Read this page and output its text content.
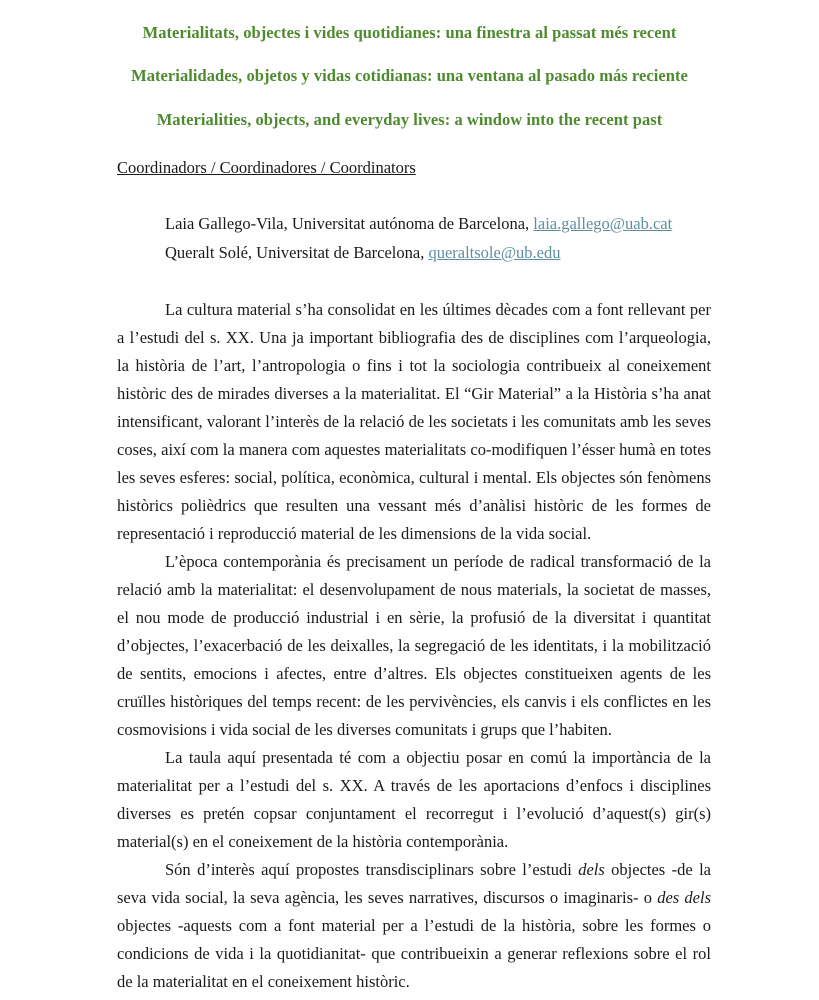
Materialitats, objectes i vides quotidianes: una finestra al passat més recent
Materialidades, objetos y vidas cotidianas: una ventana al pasado más reciente
Materialities, objects, and everyday lives: a window into the recent past
Coordinadors / Coordinadores / Coordinators
Laia Gallego-Vila, Universitat autónoma de Barcelona, laia.gallego@uab.cat
Queralt Solé, Universitat de Barcelona, queraltsole@ub.edu

La cultura material s’ha consolidat en les últimes dècades com a font rellevant per a l’estudi del s. XX. Una ja important bibliografia des de disciplines com l’arqueologia, la història de l’art, l’antropologia o fins i tot la sociologia contribueix al coneixement històric des de mirades diverses a la materialitat. El “Gir Material” a la Història s’ha anat intensificant, valorant l’interès de la relació de les societats i les comunitats amb les seves coses, així com la manera com aquestes materialitats co-modifiquen l’ésser humà en totes les seves esferes: social, política, econòmica, cultural i mental. Els objectes són fenòmens històrics polièdrics que resulten una vessant més d’anàlisi històric de les formes de representació i reproducció material de les dimensions de la vida social.

L’època contemporània és precisament un període de radical transformació de la relació amb la materialitat: el desenvolupament de nous materials, la societat de masses, el nou mode de producció industrial i en sèrie, la profusió de la diversitat i quantitat d’objectes, l’exacerbació de les deixalles, la segregació de les identitats, i la mobilització de sentits, emocions i afectes, entre d’altres. Els objectes constitueixen agents de les cruïlles històriques del temps recent: de les pervivències, els canvis i els conflictes en les cosmovisions i vida social de les diverses comunitats i grups que l’habiten.

La taula aquí presentada té com a objectiu posar en comú la importància de la materialitat per a l’estudi del s. XX. A través de les aportacions d’enfocs i disciplines diverses es pretén copsar conjuntament el recorregut i l’evolució d’aquest(s) gir(s) material(s) en el coneixement de la història contemporània.

Són d’interès aquí propostes transdisciplinars sobre l’estudi dels objectes -de la seva vida social, la seva agència, les seves narratives, discursos o imaginaris- o des dels objectes -aquests com a font material per a l’estudi de la història, sobre les formes o condicions de vida i la quotidianitat- que contribueixin a generar reflexions sobre el rol de la materialitat en el coneixement històric.
